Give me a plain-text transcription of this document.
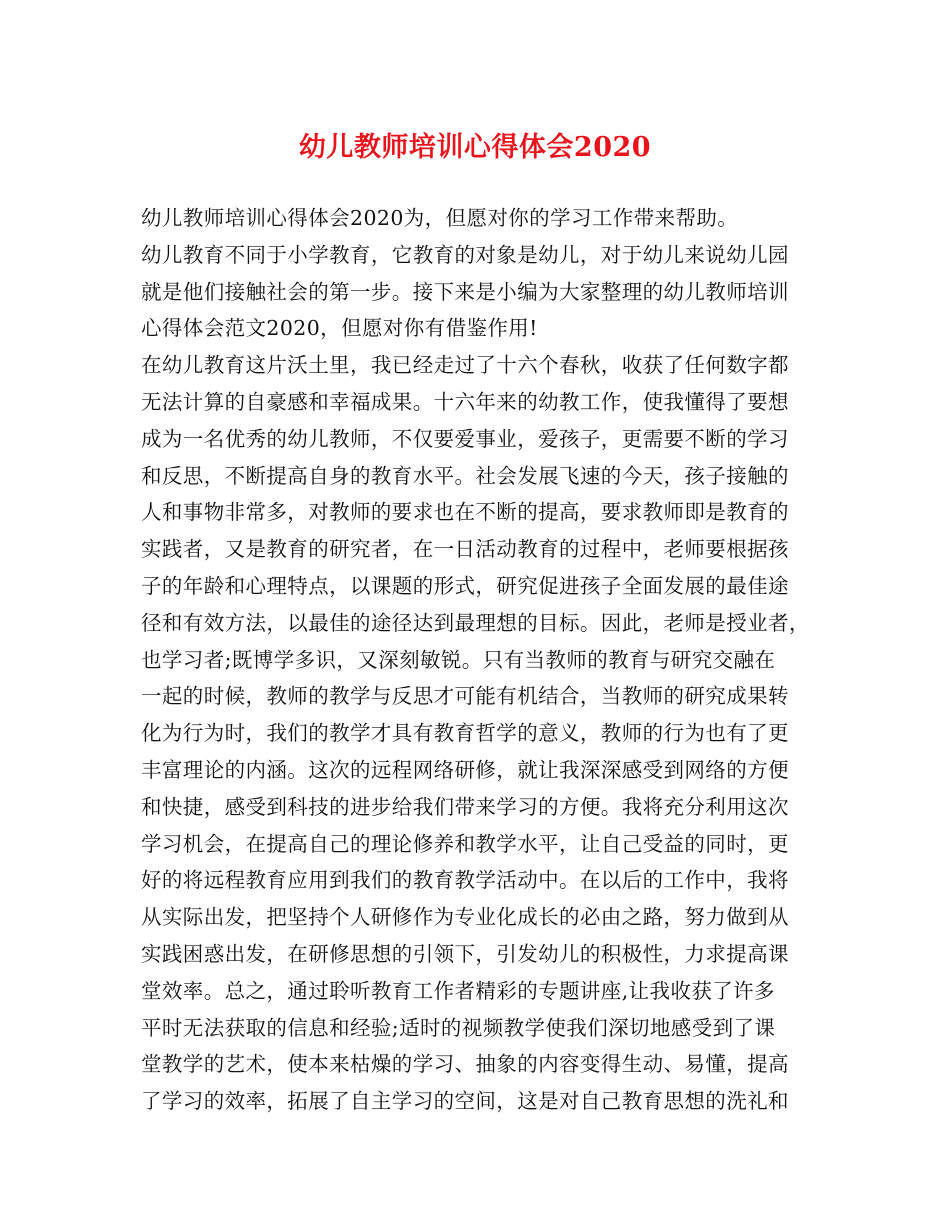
幼儿教师培训心得体会2020
幼儿教师培训心得体会2020为，但愿对你的学习工作带来帮助。
幼儿教育不同于小学教育，它教育的对象是幼儿，对于幼儿来说幼儿园
就是他们接触社会的第一步。接下来是小编为大家整理的幼儿教师培训
心得体会范文2020，但愿对你有借鉴作用!
在幼儿教育这片沃土里，我已经走过了十六个春秋，收获了任何数字都
无法计算的自豪感和幸福成果。十六年来的幼教工作，使我懂得了要想
成为一名优秀的幼儿教师，不仅要爱事业，爱孩子，更需要不断的学习
和反思，不断提高自身的教育水平。社会发展飞速的今天，孩子接触的
人和事物非常多，对教师的要求也在不断的提高，要求教师即是教育的
实践者，又是教育的研究者，在一日活动教育的过程中，老师要根据孩
子的年龄和心理特点，以课题的形式，研究促进孩子全面发展的最佳途
径和有效方法，以最佳的途径达到最理想的目标。因此，老师是授业者，
也学习者;既博学多识，又深刻敏锐。只有当教师的教育与研究交融在
一起的时候，教师的教学与反思才可能有机结合，当教师的研究成果转
化为行为时，我们的教学才具有教育哲学的意义，教师的行为也有了更
丰富理论的内涵。这次的远程网络研修，就让我深深感受到网络的方便
和快捷，感受到科技的进步给我们带来学习的方便。我将充分利用这次
学习机会，在提高自己的理论修养和教学水平，让自己受益的同时，更
好的将远程教育应用到我们的教育教学活动中。在以后的工作中，我将
从实际出发，把坚持个人研修作为专业化成长的必由之路，努力做到从
实践困惑出发，在研修思想的引领下，引发幼儿的积极性，力求提高课
堂效率。总之，通过聆听教育工作者精彩的专题讲座,让我收获了许多
平时无法获取的信息和经验;适时的视频教学使我们深切地感受到了课
堂教学的艺术，使本来枯燥的学习、抽象的内容变得生动、易懂，提高
了学习的效率，拓展了自主学习的空间，这是对自己教育思想的洗礼和
